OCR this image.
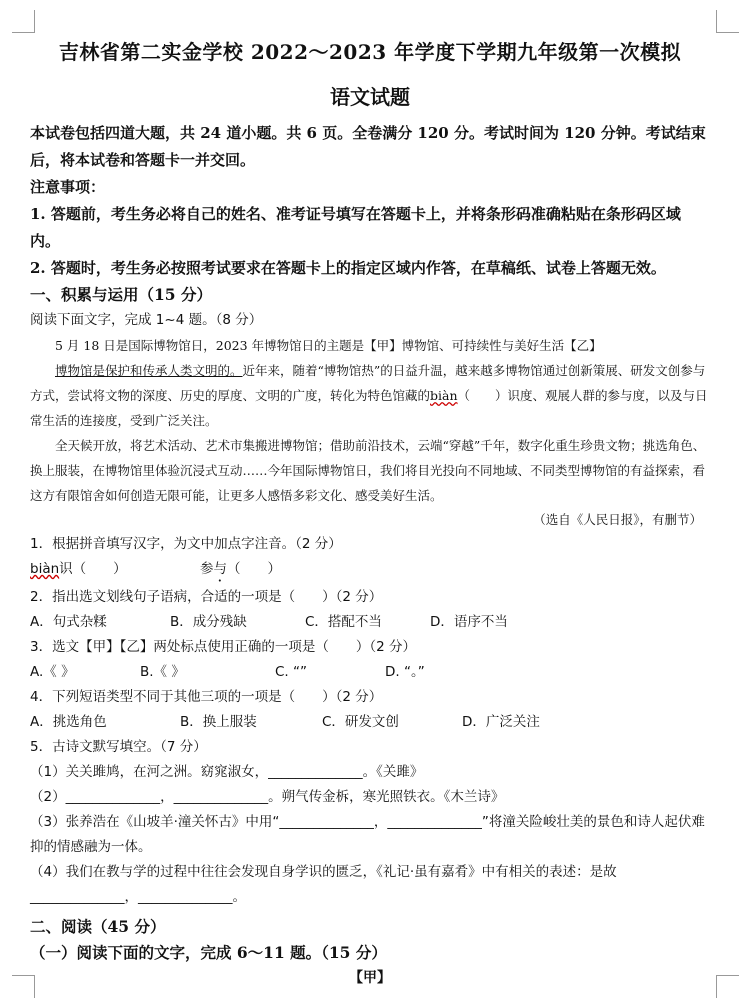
吉林省第二实金学校 2022～2023 年学度下学期九年级第一次模拟
语文试题

本试卷包括四道大题，共 24 道小题。共 6 页。全卷满分 120 分。考试时间为 120 分钟。考试结束后，将本试卷和答题卡一并交回。

注意事项：

1. 答题前，考生务必将自己的姓名、准考证号填写在答题卡上，并将条形码准确粘贴在条形码区域内。

2. 答题时，考生务必按照考试要求在答题卡上的指定区域内作答，在草稿纸、试卷上答题无效。

一、积累与运用（15 分）

阅读下面文字，完成 1~4 题。（8 分）

5 月 18 日是国际博物馆日，2023 年博物馆日的主题是【甲】博物馆、可持续性与美好生活【乙】

博物馆是保护和传承人类文明的。近年来，随着“博物馆热”的日益升温，越来越多博物馆通过创新策展、研发文创参与方式，尝试将文物的深度、历史的厚度、文明的广度，转化为特色馆藏的biàn（　　）识度、观展人群的参与度，以及与日常生活的连接度，受到广泛关注。

全天候开放，将艺术活动、艺术市集搬进博物馆；借助前沿技术，云端“穿越”千年，数字化重生珍贵文物；挑选角色、换上服装，在博物馆里体验沉浸式互动……今年国际博物馆日，我们将目光投向不同地域、不同类型博物馆的有益探索，看这方有限馆舍如何创造无限可能，让更多人感悟多彩文化、感受美好生活。

（选自《人民日报》，有删节）

1．根据拼音填写汉字，为文中加点字注音。（2 分）

biàn识（　　）	参与（　　）

2．指出选文划线句子语病，合适的一项是（　　）（2 分）

A．句式杂糅	B．成分残缺	C．搭配不当	D．语序不当

3．选文【甲】【乙】两处标点使用正确的一项是（　　）（2 分）

A.《 》	B.《 》	C. “”	D. “。”

4．下列短语类型不同于其他三项的一项是（　　）（2 分）

A．挑选角色	B．换上服装	C．研发文创	D．广泛关注

5．古诗文默写填空。（7 分）

（1）关关雎鸠，在河之洲。窈窕淑女，______________。《关雎》

（2）______________，______________。朔气传金柝，寒光照铁衣。《木兰诗》

（3）张养浩在《山坡羊·潼关怀古》中用“______________，______________”将潼关险峻壮美的景色和诗人起伏难抑的情感融为一体。

（4）我们在教与学的过程中往往会发现自身学识的匮乏，《礼记·虽有嘉肴》中有相关的表述：是故______________，______________。

二、阅读（45 分）

（一）阅读下面的文字，完成 6～11 题。（15 分）

【甲】
